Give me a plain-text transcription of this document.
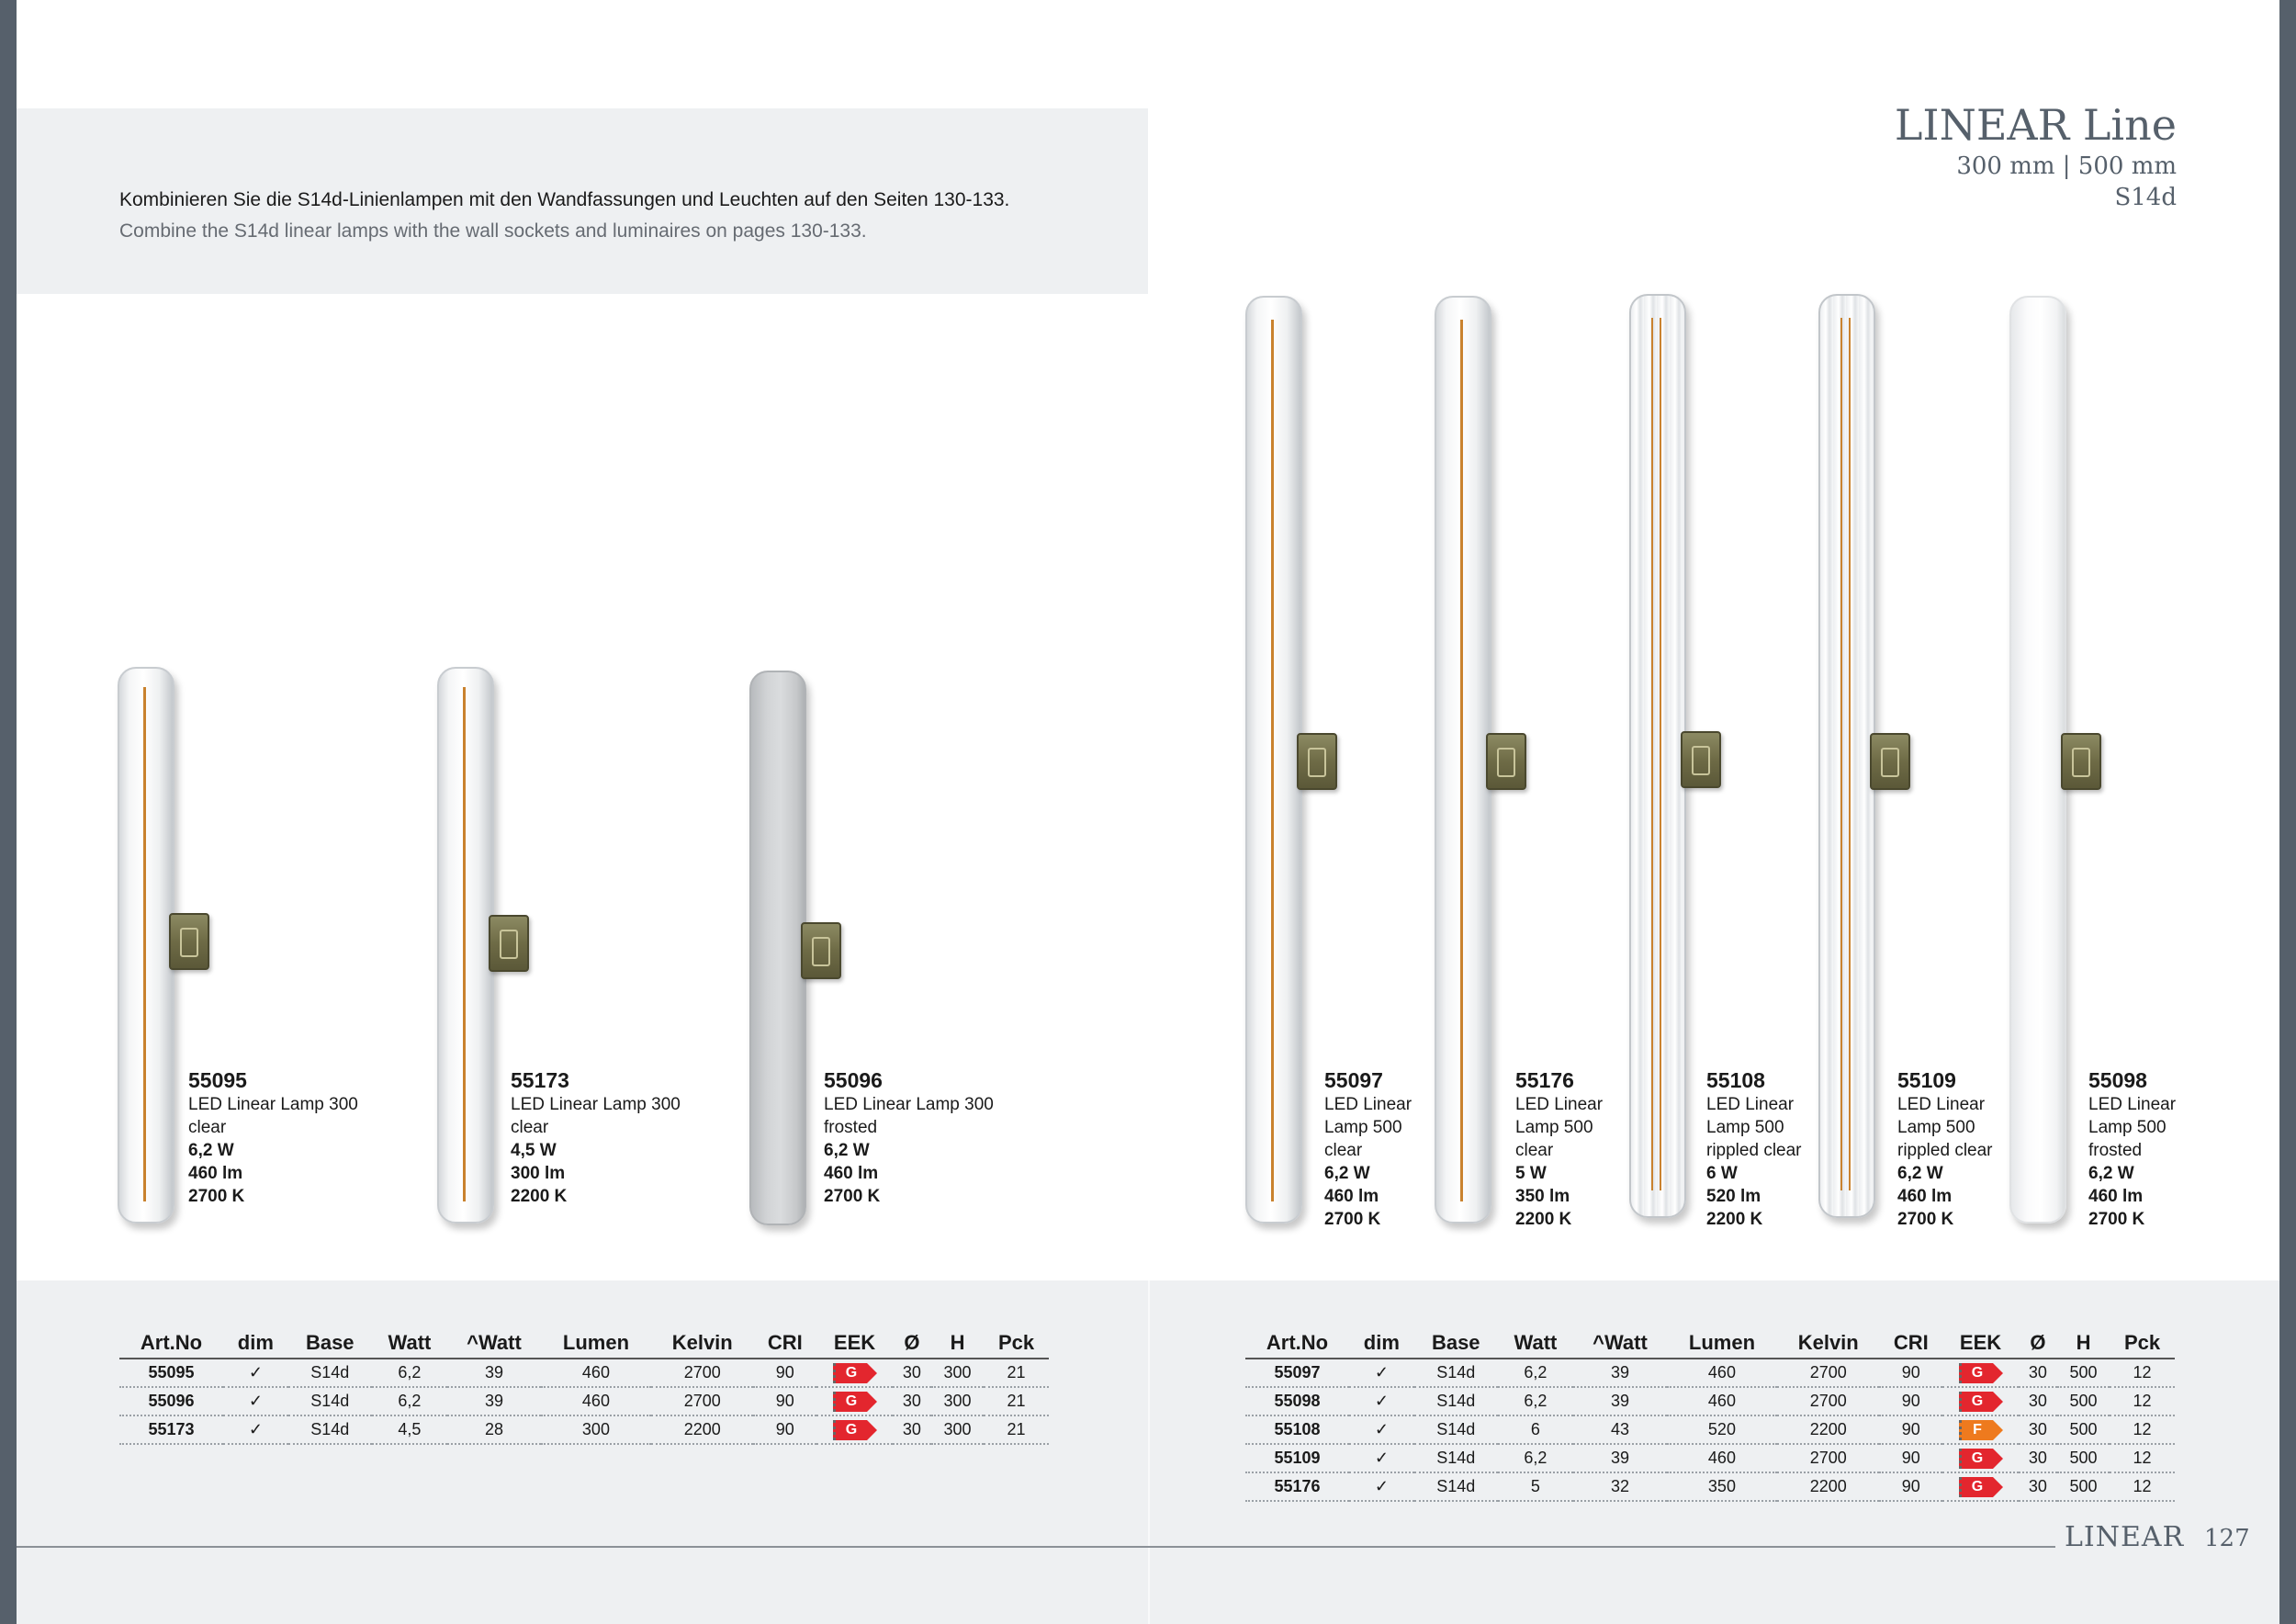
Kombinieren Sie die S14d-Linienlampen mit den Wandfassungen und Leuchten auf den Seiten 130-133.
Combine the S14d linear lamps with the wall sockets and luminaires on pages 130-133.
LINEAR Line
300 mm | 500 mm
S14d
55095
LED Linear Lamp 300
clear
6,2 W
460 lm
2700 K
55173
LED Linear Lamp 300
clear
4,5 W
300 lm
2200 K
55096
LED Linear Lamp 300
frosted
6,2 W
460 lm
2700 K
55097
LED Linear
Lamp 500
clear
6,2 W
460 lm
2700 K
55176
LED Linear
Lamp 500
clear
5 W
350 lm
2200 K
55108
LED Linear
Lamp 500
rippled clear
6 W
520 lm
2200 K
55109
LED Linear
Lamp 500
rippled clear
6,2 W
460 lm
2700 K
55098
LED Linear
Lamp 500
frosted
6,2 W
460 lm
2700 K
Art.No	dim	Base	Watt	^Watt	Lumen	Kelvin	CRI	EEK	Ø	H	Pck
55095	✓	S14d	6,2	39	460	2700	90	G	30	300	21
55096	✓	S14d	6,2	39	460	2700	90	G	30	300	21
55173	✓	S14d	4,5	28	300	2200	90	G	30	300	21
Art.No	dim	Base	Watt	^Watt	Lumen	Kelvin	CRI	EEK	Ø	H	Pck
55097	✓	S14d	6,2	39	460	2700	90	G	30	500	12
55098	✓	S14d	6,2	39	460	2700	90	G	30	500	12
55108	✓	S14d	6	43	520	2200	90	F	30	500	12
55109	✓	S14d	6,2	39	460	2700	90	G	30	500	12
55176	✓	S14d	5	32	350	2200	90	G	30	500	12
LINEAR 127
